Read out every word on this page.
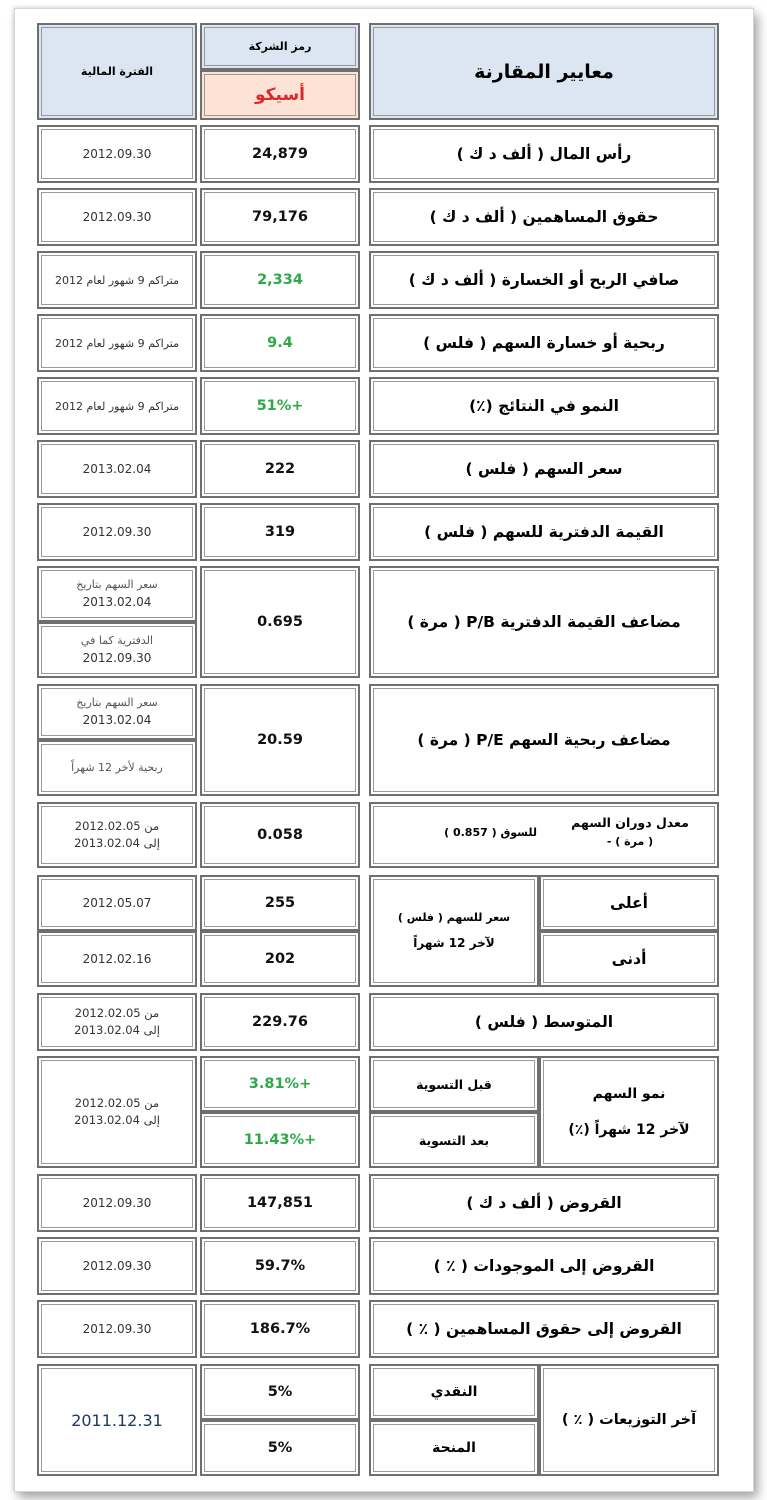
معايير المقارنة
رمز الشركة
أسيكو
الفترة المالية
رأس المال ( ألف د ك )
24,879
2012.09.30
حقوق المساهمين ( ألف د ك )
79,176
2012.09.30
صافي الربح أو الخسارة ( ألف د ك )
2,334
متراكم 9 شهور لعام 2012
ربحية أو خسارة السهم ( فلس )
9.4
متراكم 9 شهور لعام 2012
النمو في النتائج (٪)
51%+
متراكم 9 شهور لعام 2012
سعر السهم ( فلس )
222
2013.02.04
القيمة الدفترية للسهم ( فلس )
319
2012.09.30
مضاعف القيمة الدفترية P/B ( مرة )
0.695
سعر السهم بتاريخ
2013.02.04
الدفترية كما في
2012.09.30
مضاعف ربحية السهم P/E ( مرة )
20.59
سعر السهم بتاريخ
2013.02.04
ربحية لأخر 12 شهراً
معدل دوران السهم
( مرة ) -
للسوق ( 0.857 )
0.058
من 2012.02.05
إلى 2013.02.04
أعلى
أدنى
سعر للسهم ( فلس )
لآخر 12 شهراً
255
202
2012.05.07
2012.02.16
المتوسط ( فلس )
229.76
من 2012.02.05
إلى 2013.02.04
نمو السهم
لآخر 12 شهراً (٪)
قبل التسوية
بعد التسوية
3.81%+
11.43%+
من 2012.02.05
إلى 2013.02.04
القروض ( ألف د ك )
147,851
2012.09.30
القروض إلى الموجودات ( ٪ )
59.7%
2012.09.30
القروض إلى حقوق المساهمين ( ٪ )
186.7%
2012.09.30
آخر التوزيعات ( ٪ )
النقدي
المنحة
5%
5%
2011.12.31
